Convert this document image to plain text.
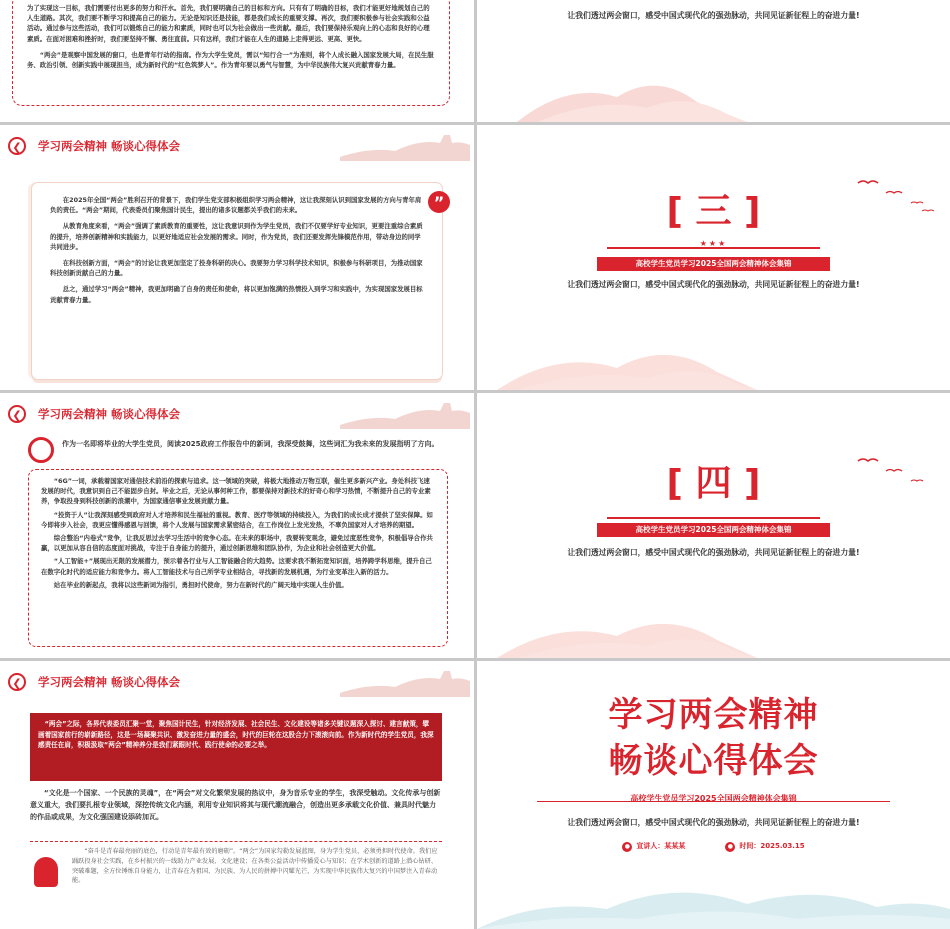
为了实现这一目标，我们需要付出更多的努力和汗水。首先，我们要明确自己的目标和方向。只有有了明确的目标，我们才能更好地规划自己的人生道路。其次，我们要不断学习和提高自己的能力。无论是知识还是技能，都是我们成长的重要支撑。再次，我们要积极参与社会实践和公益活动。通过参与这些活动，我们可以锻炼自己的能力和素质，同时也可以为社会做出一些贡献。最后，我们要保持乐观向上的心态和良好的心理素质。在面对困难和挫折时，我们要坚持不懈、勇往直前。只有这样，我们才能在人生的道路上走得更远、更高、更快。

“两会”是观察中国发展的窗口，也是青年行动的指南。作为大学生党员，需以“知行合一”为准则，将个人成长融入国家发展大局，在民生服务、政治引领、创新实践中展现担当，成为新时代的“红色筑梦人”。作为青年要以勇气与智慧，为中华民族伟大复兴贡献青春力量。

让我们透过两会窗口，感受中国式现代化的强劲脉动，共同见证新征程上的奋进力量!
❮	学习两会精神 畅谈心得体会
”

在2025年全国“两会”胜利召开的背景下，我们学生党支部积极组织学习两会精神，这让我深刻认识到国家发展的方向与青年肩负的责任。“两会”期间，代表委员们聚焦国计民生，提出的诸多议题都关乎我们的未来。

从教育角度来看，“两会”强调了素质教育的重要性，这让我意识到作为学生党员，我们不仅要学好专业知识，更要注重综合素质的提升，培养创新精神和实践能力，以更好地适应社会发展的需求。同时，作为党员，我们还要发挥先锋模范作用，带动身边的同学共同进步。

在科技创新方面，“两会”的讨论让我更加坚定了投身科研的决心。我要努力学习科学技术知识，积极参与科研项目，为推动国家科技创新贡献自己的力量。

总之，通过学习“两会”精神，我更加明确了自身的责任和使命，将以更加饱满的热情投入到学习和实践中，为实现国家发展目标贡献青春力量。

[ 三 ]
★★★
高校学生党员学习2025全国两会精神体会集锦
让我们透过两会窗口，感受中国式现代化的强劲脉动，共同见证新征程上的奋进力量!
❮	学习两会精神 畅谈心得体会

作为一名即将毕业的大学生党员，阅读2025政府工作报告中的新词，我深受鼓舞，这些词汇为我未来的发展指明了方向。

“6G”一词，承载着国家对通信技术前沿的探索与追求。这一领域的突破，将极大地推动万物互联，催生更多新兴产业。身处科技飞速发展的时代，我意识到自己不能固步自封。毕业之后，无论从事何种工作，都要保持对新技术的好奇心和学习热情，不断提升自己的专业素养，争取投身到科技创新的浪潮中，为国家通信事业发展贡献力量。

“投资于人”让我深刻感受到政府对人才培养和民生福祉的重视。教育、医疗等领域的持续投入，为我们的成长成才提供了坚实保障。如今即将步入社会，我更应懂得感恩与回馈，将个人发展与国家需求紧密结合，在工作岗位上发光发热，不辜负国家对人才培养的期望。

综合整治“内卷式”竞争，让我反思过去学习生活中的竞争心态。在未来的职场中，我要转变观念，避免过度恶性竞争，积极倡导合作共赢，以更加从容自信的态度面对挑战，专注于自身能力的提升，通过创新思维和团队协作，为企业和社会创造更大价值。

“人工智能+”展现出无限的发展潜力，预示着各行业与人工智能融合的大趋势。这要求我不断拓宽知识面，培养跨学科思维，提升自己在数字化时代的适应能力和竞争力。将人工智能技术与自己所学专业相结合，寻找新的发展机遇，为行业变革注入新的活力。

站在毕业的新起点，我将以这些新词为指引，勇担时代使命，努力在新时代的广阔天地中实现人生价值。

[ 四 ]
高校学生党员学习2025全国两会精神体会集锦
让我们透过两会窗口，感受中国式现代化的强劲脉动，共同见证新征程上的奋进力量!
❮	学习两会精神 畅谈心得体会

“两会”之际，各界代表委员汇聚一堂，聚焦国计民生，针对经济发展、社会民生、文化建设等诸多关键议题深入探讨、建言献策，擘画着国家前行的崭新路径，这是一场凝聚共识、激发奋进力量的盛会，时代的巨轮在这股合力下滚滚向前。作为新时代的学生党员，我深感责任在肩，积极汲取“两会”精神养分是我们紧跟时代、践行使命的必要之举。

“文化是一个国家、一个民族的灵魂”，在“两会”对文化繁荣发展的热议中，身为音乐专业的学生，我深受触动。文化传承与创新意义重大，我们要扎根专业领域，深挖传统文化内涵，利用专业知识将其与现代潮流融合，创造出更多承载文化价值、兼具时代魅力的作品或成果，为文化强国建设添砖加瓦。

“奋斗是青春最亮丽的底色，行动是青年最有效的磨砺”。“两会”为国家勾勒发展蓝图，身为学生党员，必须勇担时代使命。我们应踊跃投身社会实践，在乡村振兴的一线助力产业发展、文化建设；在各类公益活动中传播爱心与知识；在学术创新的道路上潜心钻研、突破难题，全方位锤炼自身能力，让青春在为祖国、为民族、为人民的拼搏中闪耀光芒，为实现中华民族伟大复兴的中国梦注入青春动能。

学习两会精神
畅谈心得体会
高校学生党员学习2025全国两会精神体会集锦
让我们透过两会窗口，感受中国式现代化的强劲脉动，共同见证新征程上的奋进力量!
● 宣讲人：某某某	● 时间：2025.03.15
